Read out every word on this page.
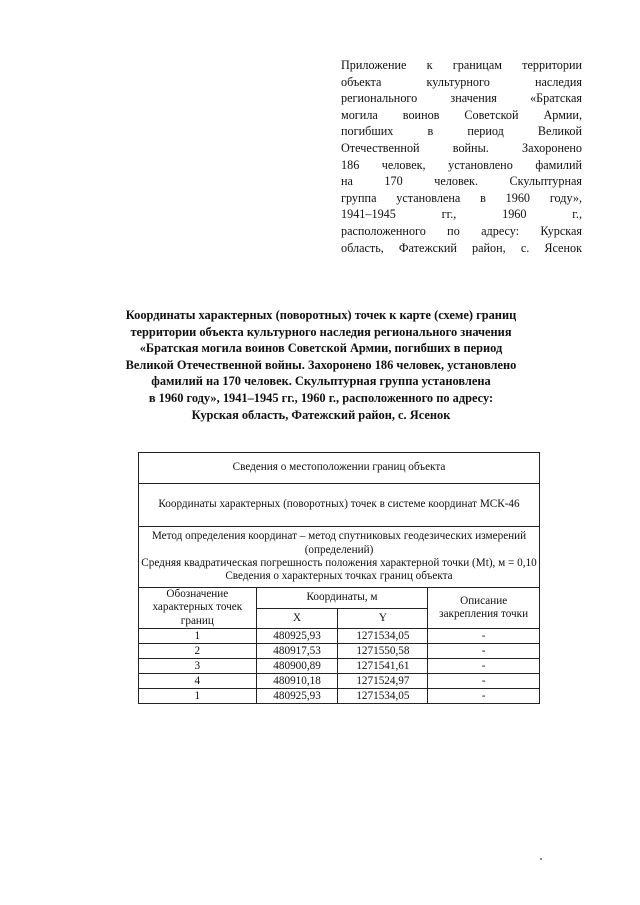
Приложение к границам территории
объекта культурного наследия
регионального значения «Братская
могила воинов Советской Армии,
погибших в период Великой
Отечественной войны. Захоронено
186 человек, установлено фамилий
на 170 человек. Скульптурная
группа установлена в 1960 году»,
1941–1945 гг., 1960 г.,
расположенного по адресу: Курская
область, Фатежский район, с. Ясенок
Координаты характерных (поворотных) точек к карте (схеме) границ
территории объекта культурного наследия регионального значения
«Братская могила воинов Советской Армии, погибших в период
Великой Отечественной войны. Захоронено 186 человек, установлено
фамилий на 170 человек. Скульптурная группа установлена
в 1960 году», 1941–1945 гг., 1960 г., расположенного по адресу:
Курская область, Фатежский район, с. Ясенок
Сведения о местоположении границ объекта			
Координаты характерных (поворотных) точек в системе координат МСК-46			

Метод определения координат – метод спутниковых геодезических измерений (определений)
Средняя квадратическая погрешность положения характерной точки (Mt), м = 0,10
Сведения о характерных точках границ объекта			

Обозначение характерных точек границ	Координаты, м		Описание закрепления точки
	X	Y	
1	480925,93	1271534,05	-
2	480917,53	1271550,58	-
3	480900,89	1271541,61	-
4	480910,18	1271524,97	-
1	480925,93	1271534,05	-
